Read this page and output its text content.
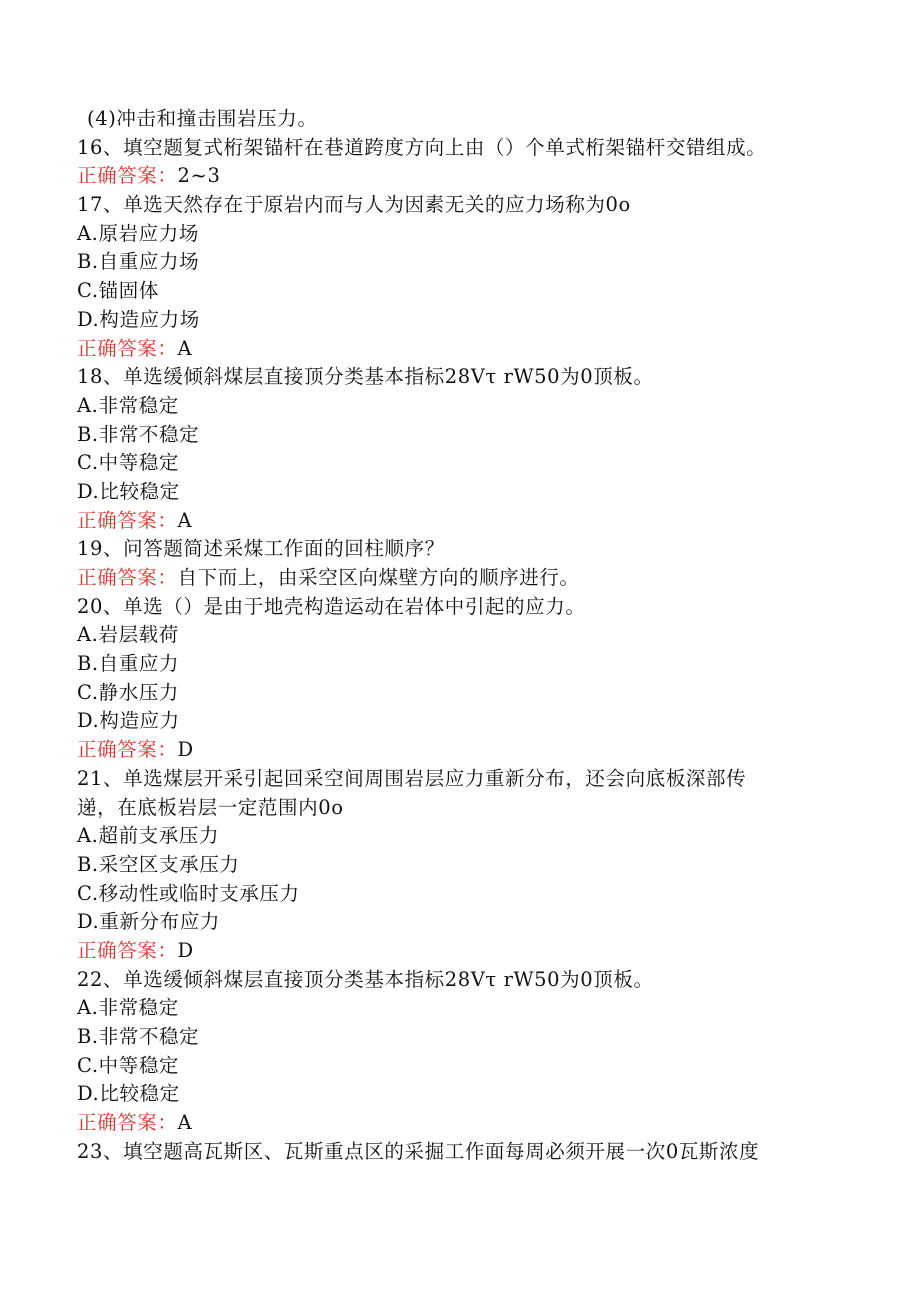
(4)冲击和撞击围岩压力。
16、填空题复式桁架锚杆在巷道跨度方向上由（）个单式桁架锚杆交错组成。
正确答案：2~3
17、单选天然存在于原岩内而与人为因素无关的应力场称为0o
A.原岩应力场
B.自重应力场
C.锚固体
D.构造应力场
正确答案：A
18、单选缓倾斜煤层直接顶分类基本指标28Vτ rW50为0顶板。
A.非常稳定
B.非常不稳定
C.中等稳定
D.比较稳定
正确答案：A
19、问答题简述采煤工作面的回柱顺序？
正确答案：自下而上，由采空区向煤壁方向的顺序进行。
20、单选（）是由于地壳构造运动在岩体中引起的应力。
A.岩层载荷
B.自重应力
C.静水压力
D.构造应力
正确答案：D
21、单选煤层开采引起回采空间周围岩层应力重新分布，还会向底板深部传
递，在底板岩层一定范围内0o
A.超前支承压力
B.采空区支承压力
C.移动性或临时支承压力
D.重新分布应力
正确答案：D
22、单选缓倾斜煤层直接顶分类基本指标28Vτ rW50为0顶板。
A.非常稳定
B.非常不稳定
C.中等稳定
D.比较稳定
正确答案：A
23、填空题高瓦斯区、瓦斯重点区的采掘工作面每周必须开展一次0瓦斯浓度
